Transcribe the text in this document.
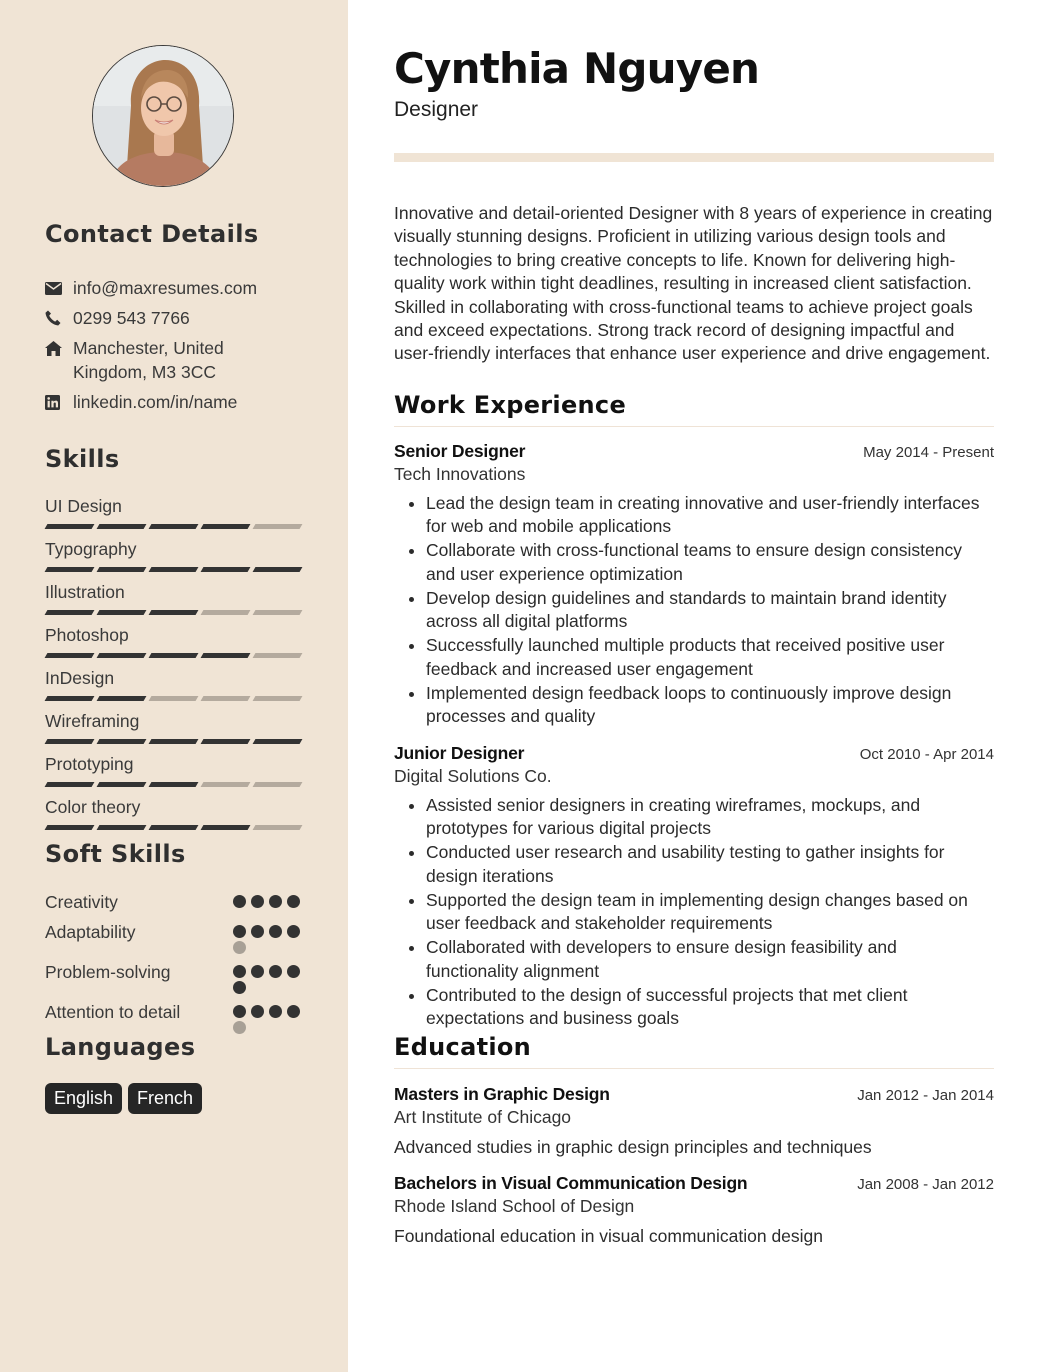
Contact Details
info@maxresumes.com
0299 543 7766
Manchester, United Kingdom, M3 3CC
linkedin.com/in/name
Skills
UI Design
Typography
Illustration
Photoshop
InDesign
Wireframing
Prototyping
Color theory
Soft Skills
Creativity
Adaptability
Problem-solving
Attention to detail
Languages
English	French
Cynthia Nguyen
Designer

Innovative and detail-oriented Designer with 8 years of experience in creating visually stunning designs. Proficient in utilizing various design tools and technologies to bring creative concepts to life. Known for delivering high-quality work within tight deadlines, resulting in increased client satisfaction. Skilled in collaborating with cross-functional teams to achieve project goals and exceed expectations. Strong track record of designing impactful and user-friendly interfaces that enhance user experience and drive engagement.

Work Experience
Senior Designer	May 2014 - Present
Tech Innovations
• Lead the design team in creating innovative and user-friendly interfaces for web and mobile applications
• Collaborate with cross-functional teams to ensure design consistency and user experience optimization
• Develop design guidelines and standards to maintain brand identity across all digital platforms
• Successfully launched multiple products that received positive user feedback and increased user engagement
• Implemented design feedback loops to continuously improve design processes and quality
Junior Designer	Oct 2010 - Apr 2014
Digital Solutions Co.
• Assisted senior designers in creating wireframes, mockups, and prototypes for various digital projects
• Conducted user research and usability testing to gather insights for design iterations
• Supported the design team in implementing design changes based on user feedback and stakeholder requirements
• Collaborated with developers to ensure design feasibility and functionality alignment
• Contributed to the design of successful projects that met client expectations and business goals
Education
Masters in Graphic Design	Jan 2012 - Jan 2014
Art Institute of Chicago
Advanced studies in graphic design principles and techniques
Bachelors in Visual Communication Design	Jan 2008 - Jan 2012
Rhode Island School of Design
Foundational education in visual communication design
